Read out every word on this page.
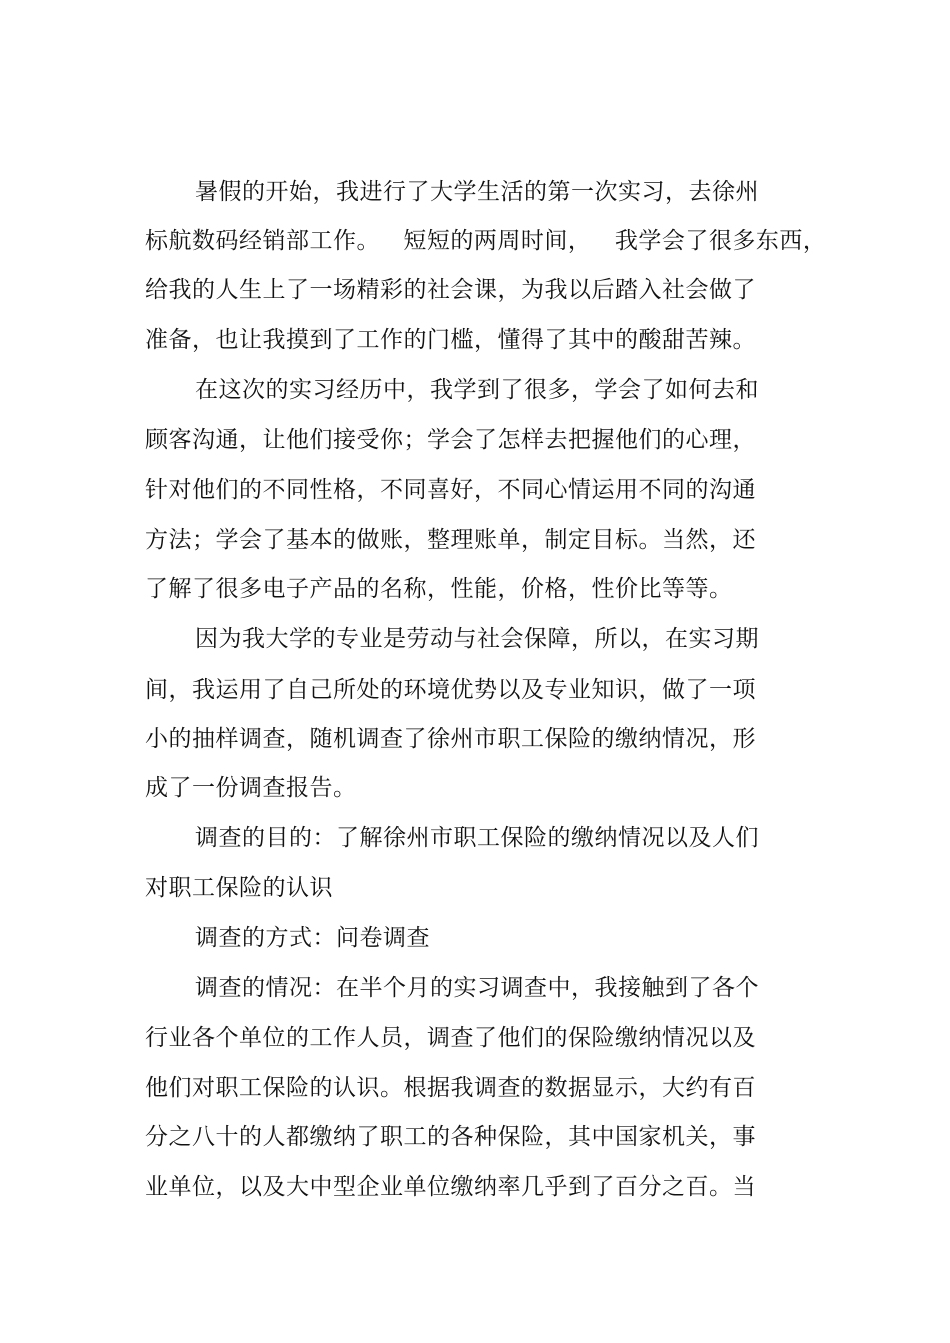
暑假的开始，我进行了大学生活的第一次实习，去徐州
标航数码经销部工作。   短短的两周时间，   我学会了很多东西，
给我的人生上了一场精彩的社会课，为我以后踏入社会做了
准备，也让我摸到了工作的门槛，懂得了其中的酸甜苦辣。
在这次的实习经历中，我学到了很多，学会了如何去和
顾客沟通，让他们接受你；学会了怎样去把握他们的心理，
针对他们的不同性格，不同喜好，不同心情运用不同的沟通
方法；学会了基本的做账，整理账单，制定目标。当然，还
了解了很多电子产品的名称，性能，价格，性价比等等。
因为我大学的专业是劳动与社会保障，所以，在实习期
间，我运用了自己所处的环境优势以及专业知识，做了一项
小的抽样调查，随机调查了徐州市职工保险的缴纳情况，形
成了一份调查报告。
调查的目的：了解徐州市职工保险的缴纳情况以及人们
对职工保险的认识
调查的方式：问卷调查
调查的情况：在半个月的实习调查中，我接触到了各个
行业各个单位的工作人员，调查了他们的保险缴纳情况以及
他们对职工保险的认识。根据我调查的数据显示，大约有百
分之八十的人都缴纳了职工的各种保险，其中国家机关，事
业单位，以及大中型企业单位缴纳率几乎到了百分之百。当
